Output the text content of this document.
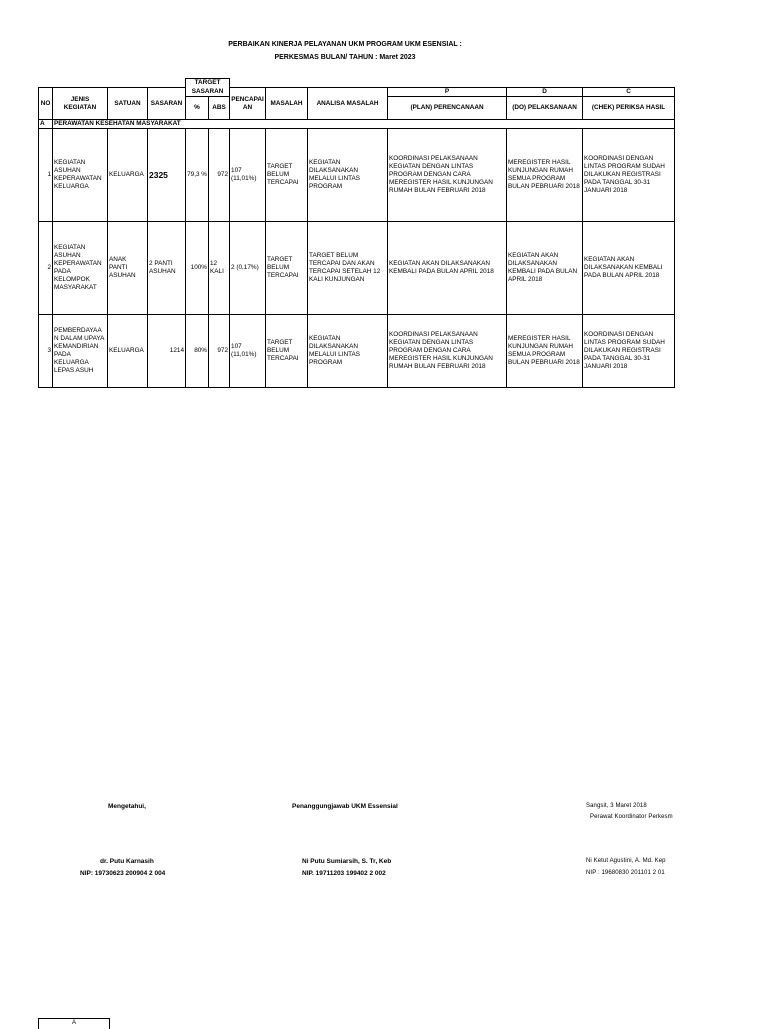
PERBAIKAN KINERJA PELAYANAN UKM PROGRAM UKM ESENSIAL :
PERKESMAS BULAN/ TAHUN : Maret 2023
				TARGET							
NO	JENIS KEGIATAN	SATUAN	SASARAN	SASARAN		PENCAPAI AN	MASALAH	ANALISA MASALAH	P	D	C
				%	ABS				(PLAN) PERENCANAAN	(DO) PELAKSANAAN	(CHEK) PERIKSA HASIL

A	PERAWATAN KESEHATAN MASYARAKAT										
1	KEGIATAN ASUHAN KEPERAWATAN KELUARGA	KELUARGA	2325	79,3 %	972	107 (11,01%)	TARGET BELUM TERCAPAI	KEGIATAN DILAKSANAKAN MELALUI LINTAS PROGRAM	KOORDINASI PELAKSANAAN KEGIATAN DENGAN LINTAS PROGRAM DENGAN CARA MEREGISTER HASIL KUNJUNGAN RUMAH BULAN FEBRUARI 2018	MEREGISTER HASIL KUNJUNGAN RUMAH SEMUA PROGRAM BULAN PEBRUARI 2018	KOORDINASI DENGAN LINTAS PROGRAM SUDAH DILAKUKAN REGISTRASI PADA TANGGAL 30-31 JANUARI 2018
2	KEGIATAN ASUHAN KEPERAWATAN PADA KELOMPOK MASYARAKAT	ANAK PANTI ASUHAN	2 PANTI ASUHAN	100%	12 KALI	2 (0,17%)	TARGET BELUM TERCAPAI	TARGET BELUM TERCAPAI DAN AKAN TERCAPAI SETELAH 12 KALI KUNJUNGAN	KEGIATAN AKAN DILAKSANAKAN KEMBALI PADA BULAN APRIL 2018	KEGIATAN AKAN DILAKSANAKAN KEMBALI PADA BULAN APRIL 2018	KEGIATAN AKAN DILAKSANAKAN KEMBALI PADA BULAN APRIL 2018
3	PEMBERDAYAAN DALAM UPAYA KEMANDIRIAN PADA KELUARGA LEPAS ASUH	KELUARGA	1214	80%	972	107 (11,01%)	TARGET BELUM TERCAPAI	KEGIATAN DILAKSANAKAN MELALUI LINTAS PROGRAM	KOORDINASI PELAKSANAAN KEGIATAN DENGAN LINTAS PROGRAM DENGAN CARA MEREGISTER HASIL KUNJUNGAN RUMAH BULAN FEBRUARI 2018	MEREGISTER HASIL KUNJUNGAN RUMAH SEMUA PROGRAM BULAN PEBRUARI 2018	KOORDINASI DENGAN LINTAS PROGRAM SUDAH DILAKUKAN REGISTRASI PADA TANGGAL 30-31 JANUARI 2018
Mengetahui,
dr. Putu Karnasih
NIP: 19730623 200904 2 004
Penanggungjawab UKM Essensial
Ni Putu Sumiarsih, S. Tr, Keb
NIP. 19711203 199402 2 002
Sangsit, 3 Maret 2018
Perawat Koordinator Perkesm
Ni Ketut Agustini, A. Md. Kep
NIP : 19680830 201101 2 01
A
